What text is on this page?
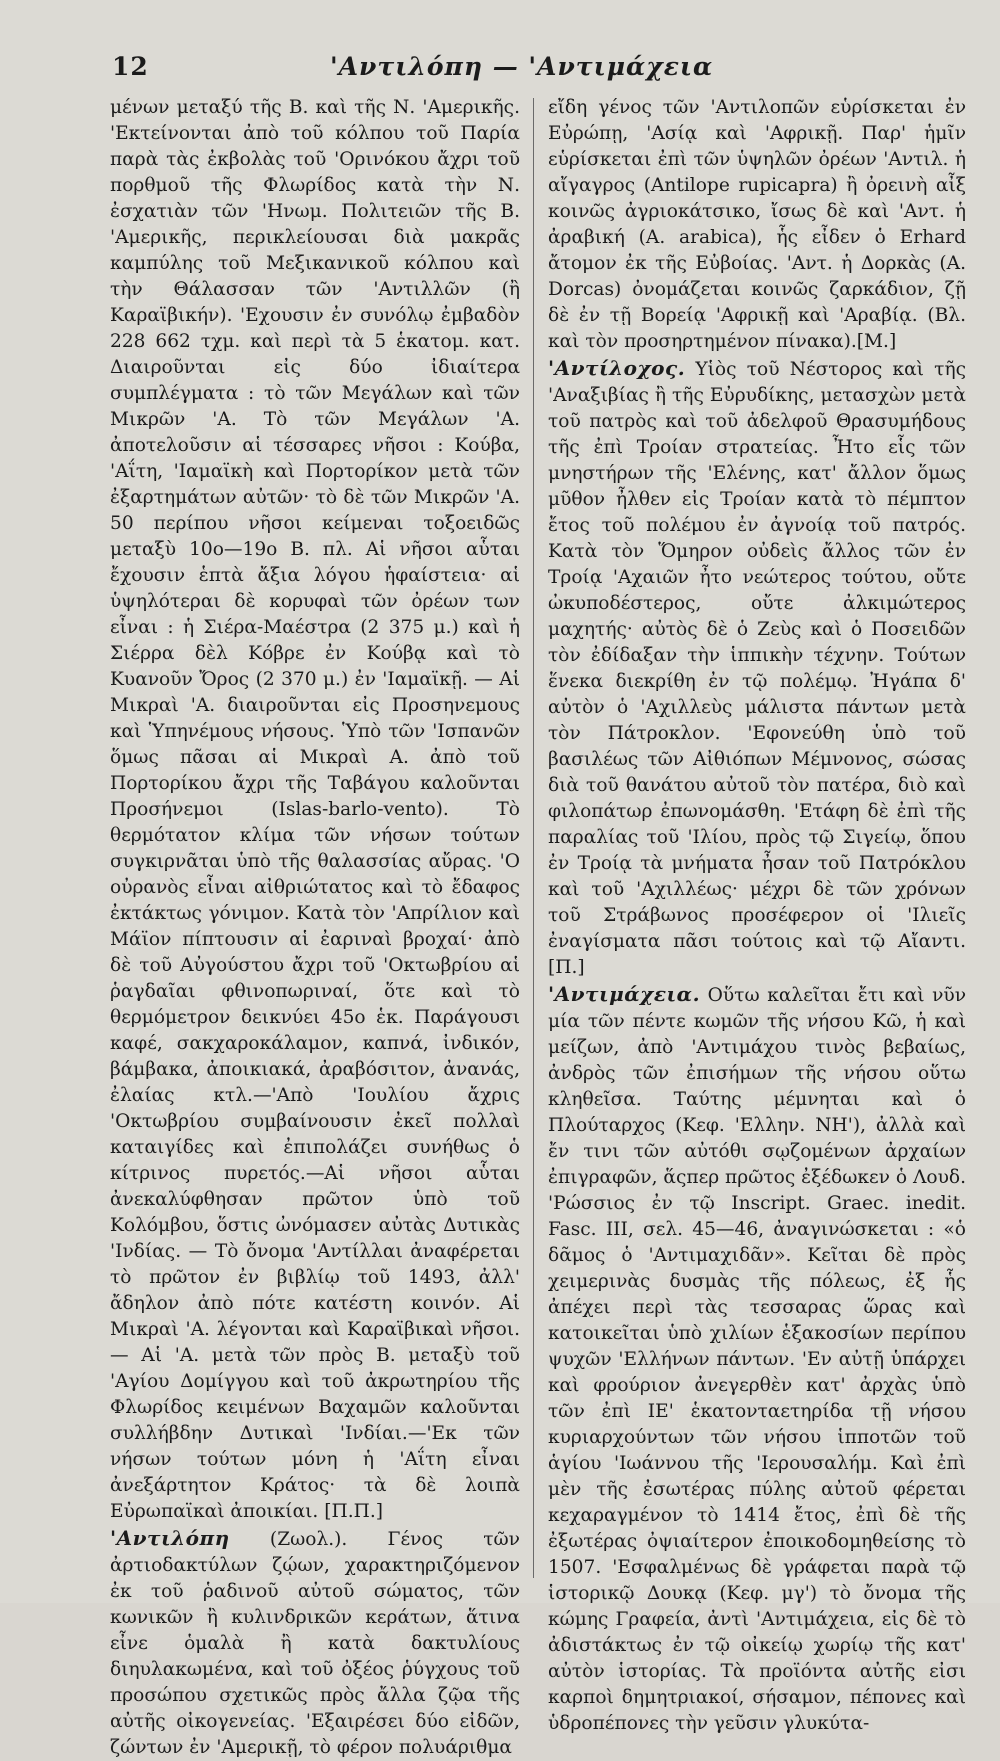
12	'Αντιλόπη — 'Αντιμάχεια

μένων μεταξύ τῆς Β. καὶ τῆς Ν. 'Αμερικῆς. 'Εκτείνονται ἀπὸ τοῦ κόλπου τοῦ Παρία παρὰ τὰς ἐκβολὰς τοῦ 'Ορινόκου ἄχρι τοῦ πορθμοῦ τῆς Φλωρίδος κατὰ τὴν Ν. ἐσχατιὰν τῶν 'Ηνωμ. Πολιτειῶν τῆς Β. 'Αμερικῆς, περικλείουσαι διὰ μακρᾶς καμπύλης τοῦ Μεξικανικοῦ κόλπου καὶ τὴν Θάλασσαν τῶν 'Αντιλλῶν (ἢ Καραϊβικήν). 'Εχουσιν ἐν συνόλῳ ἐμβαδὸν 228 662 τχμ. καὶ περὶ τὰ 5 ἑκατομ. κατ. Διαιροῦνται εἰς δύο ἰδιαίτερα συμπλέγματα : τὸ τῶν Μεγάλων καὶ τῶν Μικρῶν 'Α. Τὸ τῶν Μεγάλων 'Α. ἀποτελοῦσιν αἱ τέσσαρες νῆσοι : Κούβα, 'Αΐτη, 'Ιαμαϊκὴ καὶ Πορτορίκον μετὰ τῶν ἐξαρτημάτων αὐτῶν· τὸ δὲ τῶν Μικρῶν 'Α. 50 περίπου νῆσοι κείμεναι τοξοειδῶς μεταξὺ 10ο—19ο Β. πλ. Αἱ νῆσοι αὗται ἔχουσιν ἑπτὰ ἄξια λόγου ἡφαίστεια· αἱ ὑψηλότεραι δὲ κορυφαὶ τῶν ὀρέων των εἶναι : ἡ Σιέρα-Μαέστρα (2 375 μ.) καὶ ἡ Σιέρρα δὲλ Κόβρε ἐν Κούβᾳ καὶ τὸ Κυανοῦν Ὄρος (2 370 μ.) ἐν 'Ιαμαϊκῇ. — Αἱ Μικραὶ 'Α. διαιροῦνται εἰς Προσηνεμους καὶ Ὑπηνέμους νήσους. Ὑπὸ τῶν 'Ισπανῶν ὅμως πᾶσαι αἱ Μικραὶ Α. ἀπὸ τοῦ Πορτορίκου ἄχρι τῆς Ταβάγου καλοῦνται Προσήνεμοι (Islas-barlo-vento). Τὸ θερμότατον κλίμα τῶν νήσων τούτων συγκιρνᾶται ὑπὸ τῆς θαλασσίας αὔρας. 'Ο οὐρανὸς εἶναι αἰθριώτατος καὶ τὸ ἔδαφος ἐκτάκτως γόνιμον. Κατὰ τὸν 'Απρίλιον καὶ Μάϊον πίπτουσιν αἱ ἐαριναὶ βροχαί· ἀπὸ δὲ τοῦ Αὐγούστου ἄχρι τοῦ 'Οκτωβρίου αἱ ῥαγδαῖαι φθινοπωριναί, ὅτε καὶ τὸ θερμόμετρον δεικνύει 45ο ἑκ. Παράγουσι καφέ, σακχαροκάλαμον, καπνά, ἰνδικόν, βάμβακα, ἀποικιακά, ἀραβόσιτον, ἀνανάς, ἐλαίας κτλ.—'Απὸ 'Ιουλίου ἄχρις 'Οκτωβρίου συμβαίνουσιν ἐκεῖ πολλαὶ καταιγίδες καὶ ἐπιπολάζει συνήθως ὁ κίτρινος πυρετός.—Αἱ νῆσοι αὗται ἀνεκαλύφθησαν πρῶτον ὑπὸ τοῦ Κολόμβου, ὅστις ὠνόμασεν αὐτὰς Δυτικὰς 'Ινδίας. — Τὸ ὄνομα 'Αντίλλαι ἀναφέρεται τὸ πρῶτον ἐν βιβλίῳ τοῦ 1493, ἀλλ' ἄδηλον ἀπὸ πότε κατέστη κοινόν. Αἱ Μικραὶ 'Α. λέγονται καὶ Καραϊβικαὶ νῆσοι. — Αἱ 'Α. μετὰ τῶν πρὸς Β. μεταξὺ τοῦ 'Αγίου Δομίγγου καὶ τοῦ ἀκρωτηρίου τῆς Φλωρίδος κειμένων Βαχαμῶν καλοῦνται συλλήβδην Δυτικαὶ 'Ινδίαι.—'Εκ τῶν νήσων τούτων μόνη ἡ 'Αΐτη εἶναι ἀνεξάρτητον Κράτος· τὰ δὲ λοιπὰ Εὐρωπαϊκαὶ ἀποικίαι. [Π.Π.]

'Αντιλόπη (Ζωολ.). Γένος τῶν ἀρτιοδακτύλων ζῴων, χαρακτηριζόμενον ἐκ τοῦ ῥαδινοῦ αὐτοῦ σώματος, τῶν κωνικῶν ἢ κυλινδρικῶν κεράτων, ἅτινα εἶνε ὁμαλὰ ἢ κατὰ δακτυλίους διηυλακωμένα, καὶ τοῦ ὀξέος ῥύγχους τοῦ προσώπου σχετικῶς πρὸς ἄλλα ζῷα τῆς αὐτῆς οἰκογενείας. 'Εξαιρέσει δύο εἰδῶν, ζώντων ἐν 'Αμερικῇ, τὸ φέρον πολυάριθμα

εἴδη γένος τῶν 'Αντιλοπῶν εὑρίσκεται ἐν Εὐρώπῃ, 'Ασίᾳ καὶ 'Αφρικῇ. Παρ' ἡμῖν εὑρίσκεται ἐπὶ τῶν ὑψηλῶν ὀρέων 'Αντιλ. ἡ αἴγαγρος (Antilope rupicapra) ἢ ὀρεινὴ αἶξ κοινῶς ἀγριοκάτσικο, ἴσως δὲ καὶ 'Αντ. ἡ ἀραβική (A. arabica), ἧς εἶδεν ὁ Erhard ἄτομον ἐκ τῆς Εὐβοίας. 'Αντ. ἡ Δορκὰς (A. Dorcas) ὀνομάζεται κοινῶς ζαρκάδιον, ζῇ δὲ ἐν τῇ Βορείᾳ 'Αφρικῇ καὶ 'Αραβίᾳ. (Βλ. καὶ τὸν προσηρτημένον πίνακα).[Μ.]

'Αντίλοχος. Υἱὸς τοῦ Νέστορος καὶ τῆς 'Αναξιβίας ἢ τῆς Εὐρυδίκης, μετασχὼν μετὰ τοῦ πατρὸς καὶ τοῦ ἀδελφοῦ Θρασυμήδους τῆς ἐπὶ Τροίαν στρατείας. Ἦτο εἷς τῶν μνηστήρων τῆς 'Ελένης, κατ' ἄλλον ὅμως μῦθον ἦλθεν εἰς Τροίαν κατὰ τὸ πέμπτον ἔτος τοῦ πολέμου ἐν ἀγνοίᾳ τοῦ πατρός. Κατὰ τὸν Ὅμηρον οὐδεὶς ἄλλος τῶν ἐν Τροίᾳ 'Αχαιῶν ἦτο νεώτερος τούτου, οὔτε ὠκυποδέστερος, οὔτε ἀλκιμώτερος μαχητής· αὐτὸς δὲ ὁ Ζεὺς καὶ ὁ Ποσειδῶν τὸν ἐδίδαξαν τὴν ἱππικὴν τέχνην. Τούτων ἕνεκα διεκρίθη ἐν τῷ πολέμῳ. Ἠγάπα δ' αὐτὸν ὁ 'Αχιλλεὺς μάλιστα πάντων μετὰ τὸν Πάτροκλον. 'Εφονεύθη ὑπὸ τοῦ βασιλέως τῶν Αἰθιόπων Μέμνονος, σώσας διὰ τοῦ θανάτου αὐτοῦ τὸν πατέρα, διὸ καὶ φιλοπάτωρ ἐπωνομάσθη. 'Ετάφη δὲ ἐπὶ τῆς παραλίας τοῦ 'Ιλίου, πρὸς τῷ Σιγείῳ, ὅπου ἐν Τροίᾳ τὰ μνήματα ἦσαν τοῦ Πατρόκλου καὶ τοῦ 'Αχιλλέως· μέχρι δὲ τῶν χρόνων τοῦ Στράβωνος προσέφερον οἱ 'Ιλιεῖς ἐναγίσματα πᾶσι τούτοις καὶ τῷ Αἴαντι. [Π.]

'Αντιμάχεια. Οὕτω καλεῖται ἔτι καὶ νῦν μία τῶν πέντε κωμῶν τῆς νήσου Κῶ, ἡ καὶ μείζων, ἀπὸ 'Αντιμάχου τινὸς βεβαίως, ἀνδρὸς τῶν ἐπισήμων τῆς νήσου οὕτω κληθεῖσα. Ταύτης μέμνηται καὶ ὁ Πλούταρχος (Κεφ. 'Ελλην. ΝΗ'), ἀλλὰ καὶ ἔν τινι τῶν αὐτόθι σῳζομένων ἀρχαίων ἐπιγραφῶν, ἅςπερ πρῶτος ἐξέδωκεν ὁ Λουδ. 'Ρώσσιος ἐν τῷ Inscript. Graec. inedit. Fasc. III, σελ. 45—46, ἀναγινώσκεται : «ὁ δᾶμος ὁ 'Αντιμαχιδᾶν». Κεῖται δὲ πρὸς χειμερινὰς δυσμὰς τῆς πόλεως, ἐξ ἧς ἀπέχει περὶ τὰς τεσσαρας ὥρας καὶ κατοικεῖται ὑπὸ χιλίων ἑξακοσίων περίπου ψυχῶν 'Ελλήνων πάντων. 'Εν αὐτῇ ὑπάρχει καὶ φρούριον ἀνεγερθὲν κατ' ἀρχὰς ὑπὸ τῶν ἐπὶ ΙΕ' ἑκατονταετηρίδα τῇ νήσου κυριαρχούντων τῶν νήσου ἱπποτῶν τοῦ ἁγίου 'Ιωάννου τῆς 'Ιερουσαλήμ. Καὶ ἐπὶ μὲν τῆς ἐσωτέρας πύλης αὐτοῦ φέρεται κεχαραγμένον τὸ 1414 ἔτος, ἐπὶ δὲ τῆς ἐξωτέρας ὀψιαίτερον ἐποικοδομηθείσης τὸ 1507. 'Εσφαλμένως δὲ γράφεται παρὰ τῷ ἱστορικῷ Δουκᾳ (Κεφ. μγ') τὸ ὄνομα τῆς κώμης Γραφεία, ἀντὶ 'Αντιμάχεια, εἰς δὲ τὸ ἀδιστάκτως ἐν τῷ οἰκείῳ χωρίῳ τῆς κατ' αὐτὸν ἱστορίας. Τὰ προϊόντα αὐτῆς εἰσι καρποὶ δημητριακοί, σήσαμον, πέπονες καὶ ὑδροπέπονες τὴν γεῦσιν γλυκύτα-
